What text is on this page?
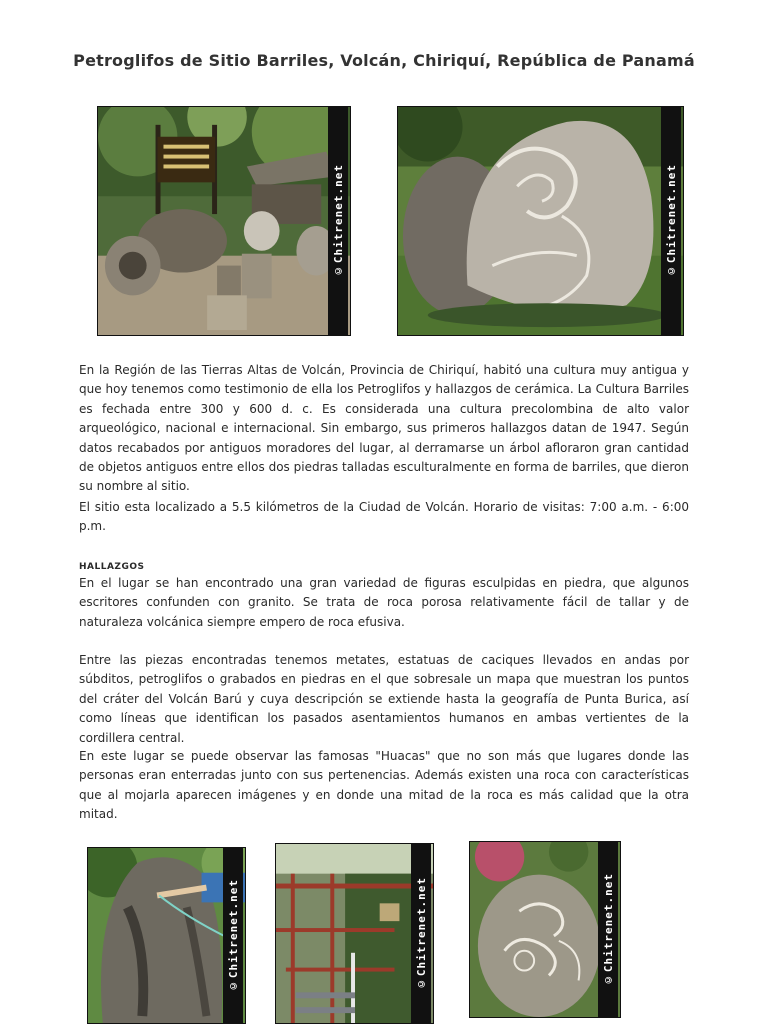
Petroglifos de Sitio Barriles, Volcán, Chiriquí, República de Panamá
©Chitrenet.net	©Chitrenet.net
En la Región de las Tierras Altas de Volcán, Provincia de Chiriquí, habitó una cultura muy antigua y que hoy tenemos como testimonio de ella los Petroglifos y hallazgos de cerámica. La Cultura Barriles es fechada entre 300 y 600 d. c. Es considerada una cultura precolombina de alto valor arqueológico, nacional e internacional. Sin embargo, sus primeros hallazgos datan de 1947. Según datos recabados por antiguos moradores del lugar, al derramarse un árbol afloraron gran cantidad de objetos antiguos entre ellos dos piedras talladas esculturalmente en forma de barriles, que dieron su nombre al sitio.
El sitio esta localizado a 5.5 kilómetros de la Ciudad de Volcán. Horario de visitas: 7:00 a.m. - 6:00 p.m.
HALLAZGOS
En el lugar se han encontrado una gran variedad de figuras esculpidas en piedra, que algunos escritores confunden con granito. Se trata de roca porosa relativamente fácil de tallar y de naturaleza volcánica siempre empero de roca efusiva.
Entre las piezas encontradas tenemos metates, estatuas de caciques llevados en andas por súbditos, petroglifos o grabados en piedras en el que sobresale un mapa que muestran los puntos del cráter del Volcán Barú y cuya descripción se extiende hasta la geografía de Punta Burica, así como líneas que identifican los pasados asentamientos humanos en ambas vertientes de la cordillera central.
En este lugar se puede observar las famosas "Huacas" que no son más que lugares donde las personas eran enterradas junto con sus pertenencias. Además existen una roca con características que al mojarla aparecen imágenes y en donde una mitad de la roca es más calidad que la otra mitad.
©Chitrenet.net	©Chitrenet.net	©Chitrenet.net
